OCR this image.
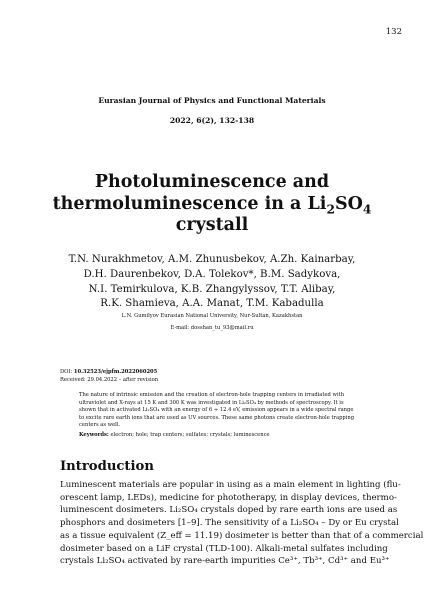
132
Eurasian Journal of Physics and Functional Materials
2022, 6(2), 132-138
Photoluminescence and
thermoluminescence in a $Li_2SO_4$
crystall
T.N. Nurakhmetov, A.M. Zhunusbekov, A.Zh. Kainarbay,
D.H. Daurenbekov, D.A. Tolekov*, B.M. Sadykova,
N.I. Temirkulova, K.B. Zhangylyssov, T.T. Alibay,
R.K. Shamieva, A.A. Manat, T.M. Kabadulla
L.N. Gumilyov Eurasian National University, Nur-Sultan, Kazakhstan
E-mail: dosshan_tu_93@mail.ru
DOI: 10.32523/ejpfm.2022060205
Received: 29.04.2022 – after revision
The nature of intrinsic emission and the creation of electron-hole trapping centers in irradiated with
ultraviolet and X-rays at 15 K and 300 K was investigated in Li₂SO₄ by methods of spectroscopy. It is
shown that in activated Li₂SO₄ with an energy of 6 ÷ 12.4 eV, emission appears in a wide spectral range
to excite rare earth ions that are used as UV sources. These same photons create electron-hole trapping
centers as well.
Keywords: electron; hole; trap centers; sulfates; crystals; luminescence
Introduction
Luminescent materials are popular in using as a main element in lighting (flu-
orescent lamp, LEDs), medicine for phototherapy, in display devices, thermo-
luminescent dosimeters. Li₂SO₄ crystals doped by rare earth ions are used as
phosphors and dosimeters [1–9]. The sensitivity of a Li₂SO₄ – Dy or Eu crystal
as a tissue equivalent (Z_eff = 11.19) dosimeter is better than that of a commercial
dosimeter based on a LiF crystal (TLD-100). Alkali-metal sulfates including
crystals Li₂SO₄ activated by rare-earth impurities Ce³⁺, Tb³⁺, Cd³⁺ and Eu³⁺
